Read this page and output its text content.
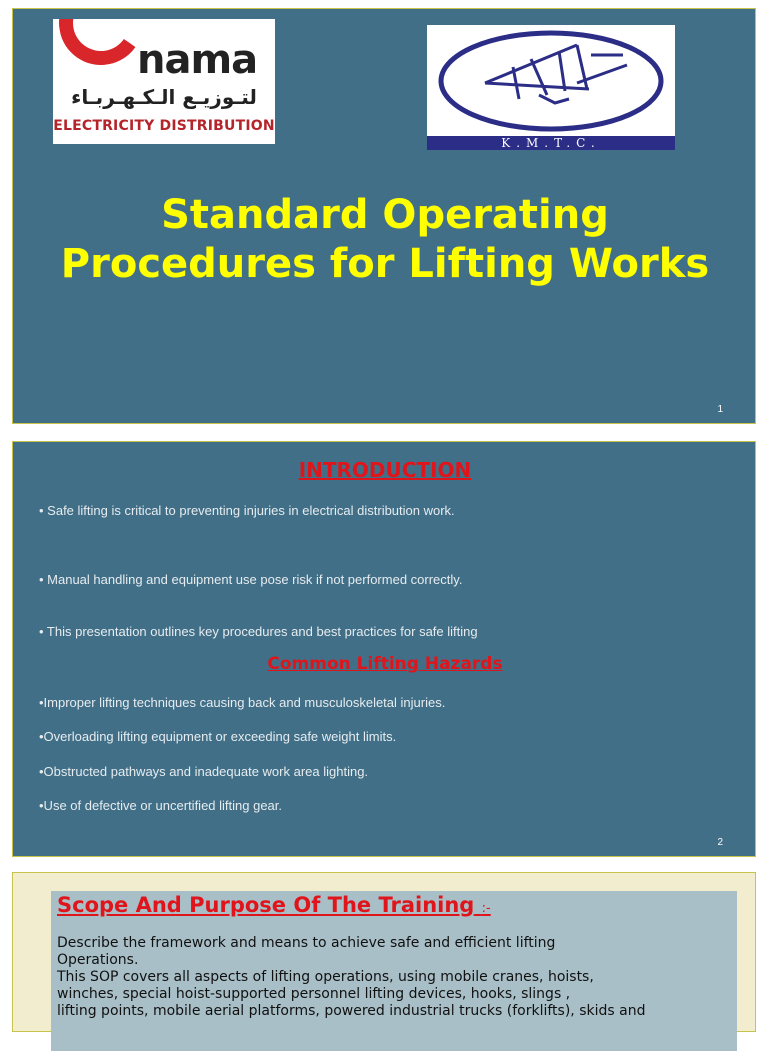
nama
لتـوزيـع الـكـهـربـاء
ELECTRICITY DISTRIBUTION
K.M.T.C.
Standard Operating
Procedures for Lifting Works
1
INTRODUCTION
• Safe lifting is critical to preventing injuries in electrical distribution work.
• Manual handling and equipment use pose risk if not performed correctly.
• This presentation outlines key procedures and best practices for safe lifting
Common Lifting Hazards
•Improper lifting techniques causing back and musculoskeletal injuries.
•Overloading lifting equipment or exceeding safe weight limits.
•Obstructed pathways and inadequate work area lighting.
•Use of defective or uncertified lifting gear.
2
Scope And Purpose Of The Training :-
Describe the framework and means to achieve safe and efficient lifting
Operations.
This SOP covers all aspects of lifting operations, using mobile cranes, hoists,
winches, special hoist-supported personnel lifting devices, hooks, slings ,
lifting points, mobile aerial platforms, powered industrial trucks (forklifts), skids and
